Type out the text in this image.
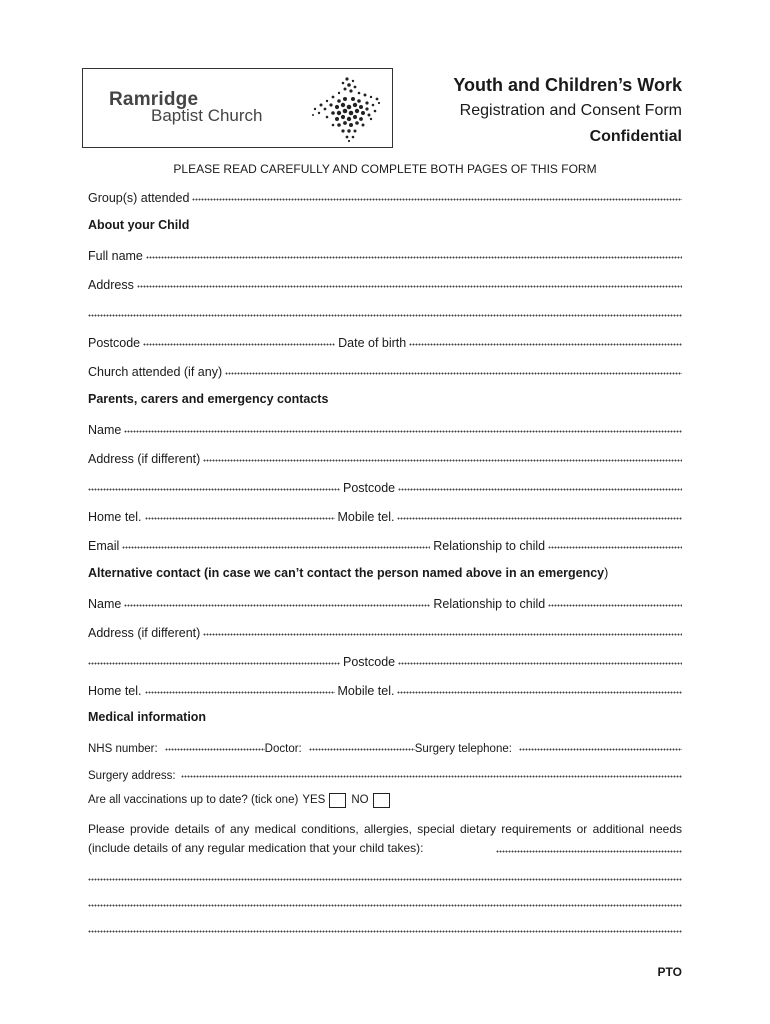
Ramridge
Baptist Church
Youth and Children’s Work
Registration and Consent Form
Confidential
PLEASE READ CAREFULLY AND COMPLETE BOTH PAGES OF THIS FORM
Group(s) attended
About your Child
Full name
Address
Postcode	Date of birth
Church attended (if any)
Parents, carers and emergency contacts
Name
Address (if different)
Postcode
Home tel.	Mobile tel.
Email	Relationship to child
Alternative contact (in case we can’t contact the person named above in an emergency)
Name	Relationship to child
Address (if different)
Postcode
Home tel.	Mobile tel.
Medical information
NHS number:	Doctor:	Surgery telephone:
Surgery address:
Are all vaccinations up to date? (tick one) YES NO
Please provide details of any medical conditions, allergies, special dietary requirements or additional needs (include details of any regular medication that your child takes):
PTO
